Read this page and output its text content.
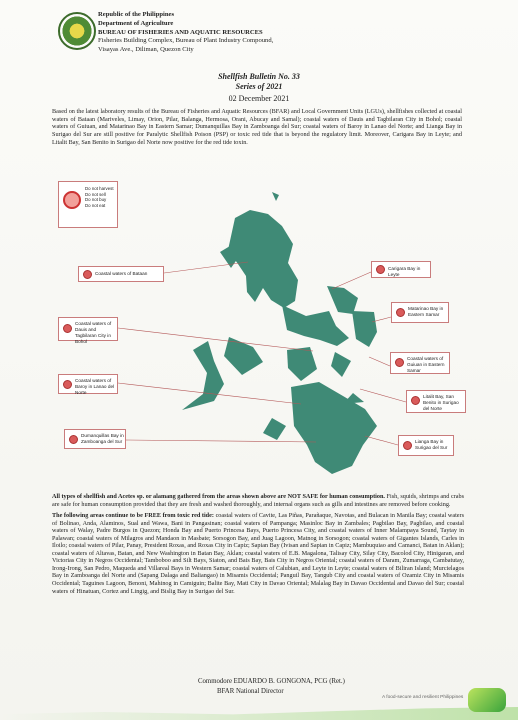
Republic of the Philippines
Department of Agriculture
BUREAU OF FISHERIES AND AQUATIC RESOURCES
Fisheries Building Complex, Bureau of Plant Industry Compound,
Visayas Ave., Diliman, Quezon City
Shellfish Bulletin No. 33
Series of 2021
02 December 2021
Based on the latest laboratory results of the Bureau of Fisheries and Aquatic Resources (BFAR) and Local Government Units (LGUs), shellfishes collected at coastal waters of Bataan (Mariveles, Limay, Orion, Pilar, Balanga, Hermosa, Orani, Abucay and Samal); coastal waters of Dauis and Tagbilaran City in Bohol; coastal waters of Guiuan, and Matarinao Bay in Eastern Samar; Dumanquillas Bay in Zamboanga del Sur; coastal waters of Baroy in Lanao del Norte; and Lianga Bay in Surigao del Sur are still positive for Paralytic Shellfish Poison (PSP) or toxic red tide that is beyond the regulatory limit. Moreover, Carigara Bay in Leyte; and Litalit Bay, San Benito in Surigao del Norte now positive for the red tide toxin.
Do not harvest
Do not sell
Do not buy
Do not eat
Coastal waters of Bataan
Coastal waters of Dauis and Tagbilaran City in Bohol
Coastal waters of Baroy in Lanao del Norte
Dumanquillas Bay in Zamboanga del Sur
Carigara Bay in Leyte
Matarinao Bay in Eastern Samar
Coastal waters of Guiuan in Eastern Samar
Litalit Bay, San Benito in Surigao del Norte
Lianga Bay in Surigao del Sur
All types of shellfish and Acetes sp. or alamang gathered from the areas shown above are NOT SAFE for human consumption. Fish, squids, shrimps and crabs are safe for human consumption provided that they are fresh and washed thoroughly, and internal organs such as gills and intestines are removed before cooking.
The following areas continue to be FREE from toxic red tide: coastal waters of Cavite, Las Piñas, Parañaque, Navotas, and Bulacan in Manila Bay; coastal waters of Bolinao, Anda, Alaminos, Sual and Wawa, Bani in Pangasinan; coastal waters of Pampanga; Masinloc Bay in Zambales; Pagbilao Bay, Pagbilao, and coastal waters of Walay, Padre Burgos in Quezon; Honda Bay and Puerto Princesa Bays, Puerto Princesa City, and coastal waters of Inner Malampaya Sound, Taytay in Palawan; coastal waters of Milagros and Mandaon in Masbate; Sorsogon Bay, and Juag Lagoon, Matnog in Sorsogon; coastal waters of Gigantes Islands, Carles in Iloilo; coastal waters of Pilar, Panay, President Roxas, and Roxas City in Capiz; Sapian Bay (Ivisan and Sapian in Capiz; Mambuquiao and Camanci, Batan in Aklan); coastal waters of Altavas, Batan, and New Washington in Batan Bay, Aklan; coastal waters of E.B. Magalona, Talisay City, Silay City, Bacolod City, Hinigaran, and Victorias City in Negros Occidental; Tamboboo and Silt Bays, Siaton, and Bais Bay, Bais City in Negros Oriental; coastal waters of Daram, Zumarraga, Cambatutay, Irong-Irong, San Pedro, Maqueda and Villareal Bays in Western Samar; coastal waters of Calubian, and Leyte in Leyte; coastal waters of Biliran Island; Murcielagos Bay in Zamboanga del Norte and (Sapang Dalaga and Baliangao) in Misamis Occidental; Panguil Bay, Tangub City and coastal waters of Ozamiz City in Misamis Occidental; Taguines Lagoon, Benoni, Mahinog in Camiguin; Balite Bay, Mati City in Davao Oriental; Malalag Bay in Davao Occidental and Davao del Sur; coastal waters of Hinatuan, Cortez and Lingig, and Bislig Bay in Surigao del Sur.
Commodore EDUARDO B. GONGONA, PCG (Ret.)
BFAR National Director
A food-secure and resilient Philippines
